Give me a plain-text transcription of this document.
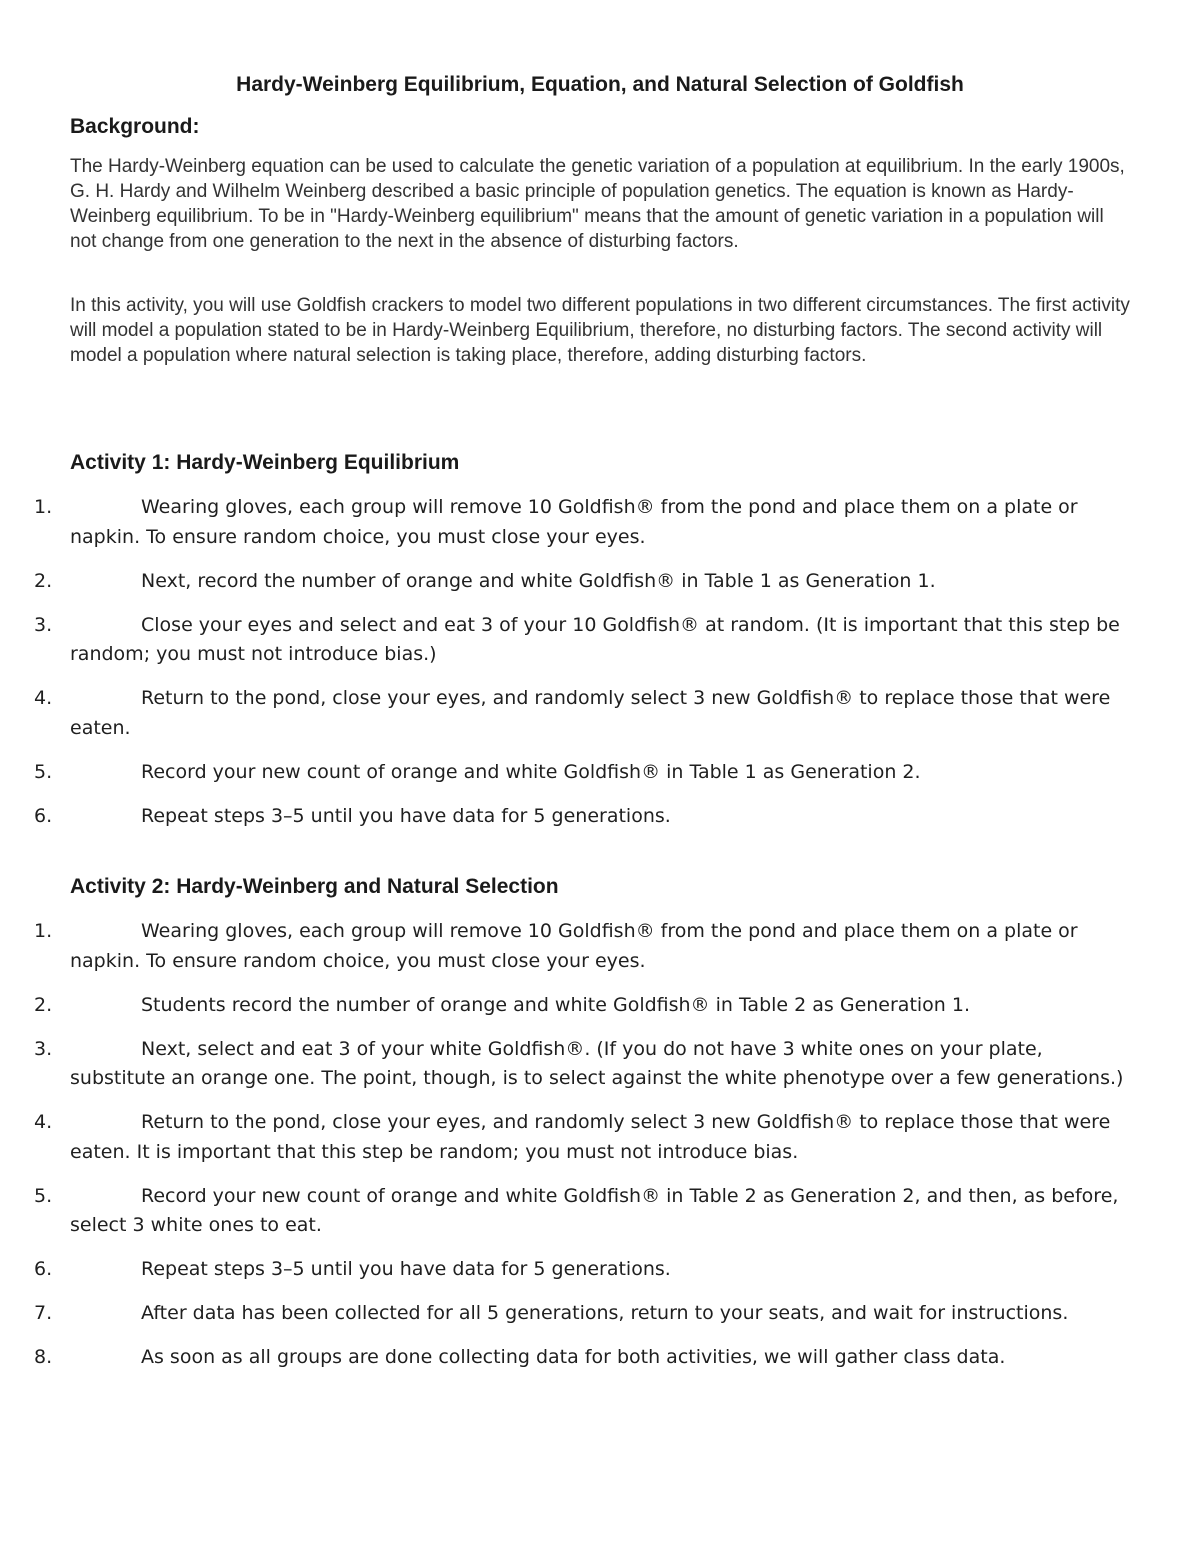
Hardy-Weinberg Equilibrium, Equation, and Natural Selection of Goldfish
Background:

The Hardy-Weinberg equation can be used to calculate the genetic variation of a population at equilibrium. In the early 1900s, G. H. Hardy and Wilhelm Weinberg described a basic principle of population genetics. The equation is known as Hardy-Weinberg equilibrium. To be in "Hardy-Weinberg equilibrium" means that the amount of genetic variation in a population will not change from one generation to the next in the absence of disturbing factors.

In this activity, you will use Goldfish crackers to model two different populations in two different circumstances. The first activity will model a population stated to be in Hardy-Weinberg Equilibrium, therefore, no disturbing factors. The second activity will model a population where natural selection is taking place, therefore, adding disturbing factors.

Activity 1: Hardy-Weinberg Equilibrium
1.	Wearing gloves, each group will remove 10 Goldfish® from the pond and place them on a plate or napkin. To ensure random choice, you must close your eyes.
2.	Next, record the number of orange and white Goldfish® in Table 1 as Generation 1.
3.	Close your eyes and select and eat 3 of your 10 Goldfish® at random. (It is important that this step be random; you must not introduce bias.)
4.	Return to the pond, close your eyes, and randomly select 3 new Goldfish® to replace those that were eaten.
5.	Record your new count of orange and white Goldfish® in Table 1 as Generation 2.
6.	Repeat steps 3–5 until you have data for 5 generations.
Activity 2: Hardy-Weinberg and Natural Selection
1.	Wearing gloves, each group will remove 10 Goldfish® from the pond and place them on a plate or napkin. To ensure random choice, you must close your eyes.
2.	Students record the number of orange and white Goldfish® in Table 2 as Generation 1.
3.	Next, select and eat 3 of your white Goldfish®. (If you do not have 3 white ones on your plate, substitute an orange one. The point, though, is to select against the white phenotype over a few generations.)
4.	Return to the pond, close your eyes, and randomly select 3 new Goldfish® to replace those that were eaten. It is important that this step be random; you must not introduce bias.
5.	Record your new count of orange and white Goldfish® in Table 2 as Generation 2, and then, as before, select 3 white ones to eat.
6.	Repeat steps 3–5 until you have data for 5 generations.
7.	After data has been collected for all 5 generations, return to your seats, and wait for instructions.
8.	As soon as all groups are done collecting data for both activities, we will gather class data.
